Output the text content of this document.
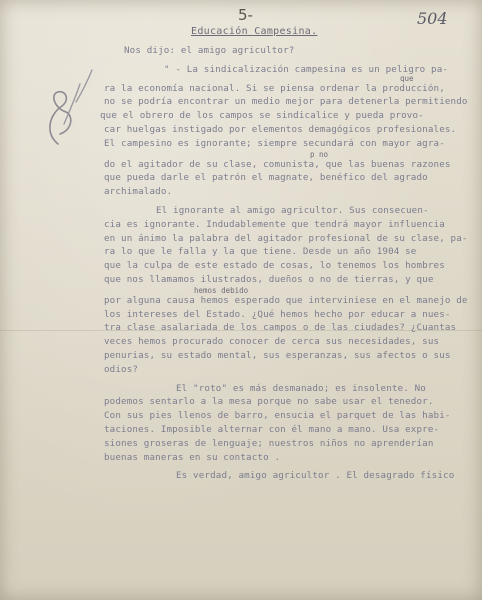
5-	504
Educación Campesina.
Nos dijo: el amigo agricultor?
" - La sindicalización campesina es un peligro pa-
que
ra la economía nacional. Si se piensa ordenar la producción,
no se podría encontrar un medio mejor para detenerla permitiendo
que el obrero de los campos se sindicalice y pueda provo-
car huelgas instigado por elementos demagógicos profesionales.
El campesino es ignorante; siempre secundará con mayor agra-
p no
do el agitador de su clase, comunista, que las buenas razones
que pueda darle el patrón el magnate, benéfico del agrado
archimalado.
El ignorante al amigo agricultor. Sus consecuen-
cia es ignorante. Indudablemente que tendrá mayor influencia
en un ánimo la palabra del agitador profesional de su clase, pa-
ra lo que le falla y la que tiene. Desde un año 1904 se
que la culpa de este estado de cosas, lo tenemos los hombres
que nos llamamos ilustrados, dueños o no de tierras, y que
hemos debido
por alguna causa hemos esperado que interviniese en el manejo de
los intereses del Estado. ¿Qué hemos hecho por educar a nues-
tra clase asalariada de los campos o de las ciudades? ¿Cuantas
veces hemos procurado conocer de cerca sus necesidades, sus
penurias, su estado mental, sus esperanzas, sus afectos o sus
odios?
El "roto" es más desmanado; es insolente. No
podemos sentarlo a la mesa porque no sabe usar el tenedor.
Con sus pies llenos de barro, ensucia el parquet de las habi-
taciones. Imposible alternar con él mano a mano. Usa expre-
siones groseras de lenguaje; nuestros niños no aprenderían
buenas maneras en su contacto .
Es verdad, amigo agricultor . El desagrado físico
